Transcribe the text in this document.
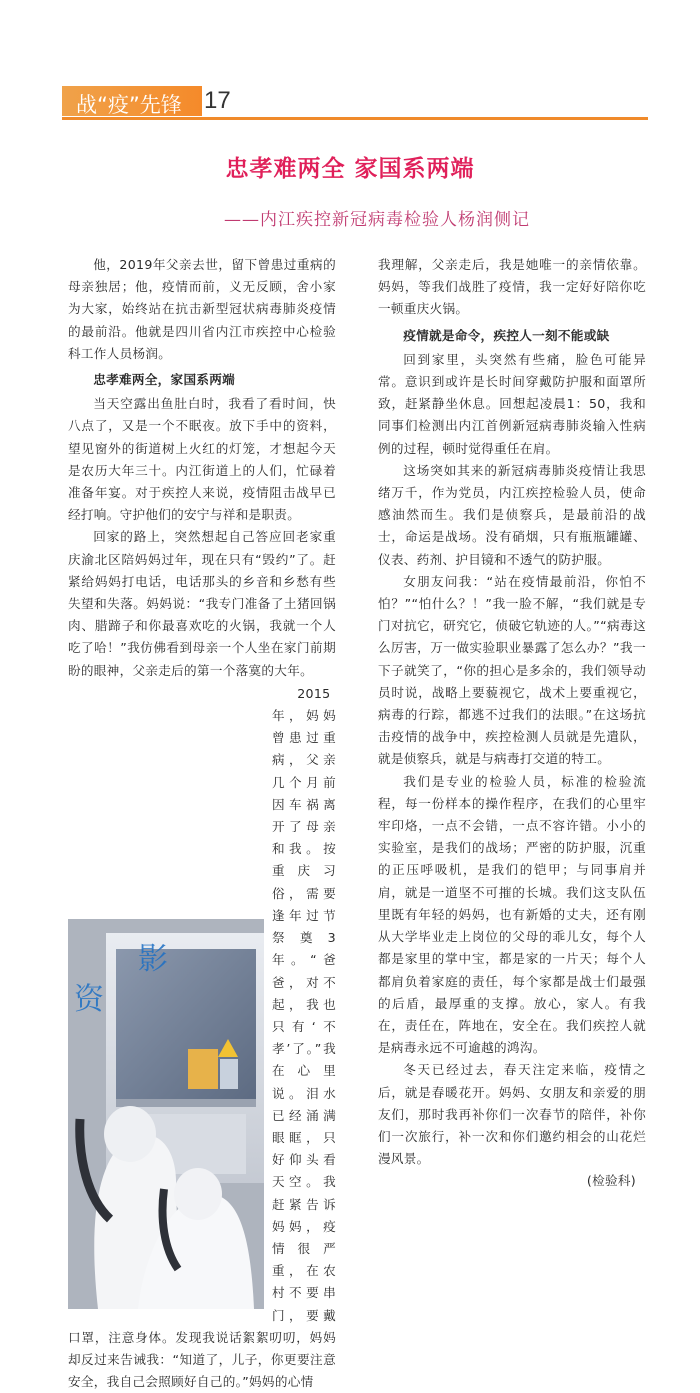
战“疫”先锋 17
忠孝难两全 家国系两端
——内江疾控新冠病毒检验人杨润侧记

他，2019年父亲去世，留下曾患过重病的母亲独居；他，疫情而前，义无反顾，舍小家为大家，始终站在抗击新型冠状病毒肺炎疫情的最前沿。他就是四川省内江市疾控中心检验科工作人员杨润。

忠孝难两全，家国系两端

当天空露出鱼肚白时，我看了看时间，快八点了，又是一个不眠夜。放下手中的资料，望见窗外的街道树上火红的灯笼，才想起今天是农历大年三十。内江街道上的人们，忙碌着准备年宴。对于疾控人来说，疫情阻击战早已经打响。守护他们的安宁与祥和是职责。

回家的路上，突然想起自己答应回老家重庆渝北区陪妈妈过年，现在只有“毁约”了。赶紧给妈妈打电话，电话那头的乡音和乡愁有些失望和失落。妈妈说：“我专门准备了土猪回锅肉、腊蹄子和你最喜欢吃的火锅，我就一个人吃了哈！”我仿佛看到母亲一个人坐在家门前期盼的眼神，父亲走后的第一个落寞的大年。

资
影

2015年，妈妈曾患过重病，父亲几个月前因车祸离开了母亲和我。按重庆习俗，需要逢年过节祭奠3年。“爸爸，对不起，我也只有‘不孝’了。”我在心里说。泪水已经涌满眼眶，只好仰头看天空。我赶紧告诉妈妈，疫情很严重，在农村不要串门，要戴口罩，注意身体。发现我说话絮絮叨叨，妈妈却反过来告诫我：“知道了，儿子，你更要注意安全，我自己会照顾好自己的。”妈妈的心情

我理解，父亲走后，我是她唯一的亲情依靠。妈妈，等我们战胜了疫情，我一定好好陪你吃一顿重庆火锅。

疫情就是命令，疾控人一刻不能或缺

回到家里，头突然有些痛，脸色可能异常。意识到或许是长时间穿戴防护服和面罩所致，赶紧静坐休息。回想起凌晨1：50，我和同事们检测出内江首例新冠病毒肺炎输入性病例的过程，顿时觉得重任在肩。

这场突如其来的新冠病毒肺炎疫情让我思绪万千，作为党员，内江疾控检验人员，使命感油然而生。我们是侦察兵，是最前沿的战士，命运是战场。没有硝烟，只有瓶瓶罐罐、仪表、药剂、护目镜和不透气的防护服。

女朋友问我：“站在疫情最前沿，你怕不怕？”“怕什么？！”我一脸不解，“我们就是专门对抗它，研究它，侦破它轨迹的人。”“病毒这么厉害，万一做实验职业暴露了怎么办？”我一下子就笑了，“你的担心是多余的，我们领导动员时说，战略上要藐视它，战术上要重视它，病毒的行踪，都逃不过我们的法眼。”在这场抗击疫情的战争中，疾控检测人员就是先遣队，就是侦察兵，就是与病毒打交道的特工。

我们是专业的检验人员，标准的检验流程，每一份样本的操作程序，在我们的心里牢牢印烙，一点不会错，一点不容许错。小小的实验室，是我们的战场；严密的防护服，沉重的正压呼吸机，是我们的铠甲；与同事肩并肩，就是一道坚不可摧的长城。我们这支队伍里既有年轻的妈妈，也有新婚的丈夫，还有刚从大学毕业走上岗位的父母的乖儿女，每个人都是家里的掌中宝，都是家的一片天；每个人都肩负着家庭的责任，每个家都是战士们最强的后盾，最厚重的支撑。放心，家人。有我在，责任在，阵地在，安全在。我们疾控人就是病毒永远不可逾越的鸿沟。

冬天已经过去，春天注定来临，疫情之后，就是春暖花开。妈妈、女朋友和亲爱的朋友们，那时我再补你们一次春节的陪伴，补你们一次旅行，补一次和你们邀约相会的山花烂漫风景。

(检验科)
